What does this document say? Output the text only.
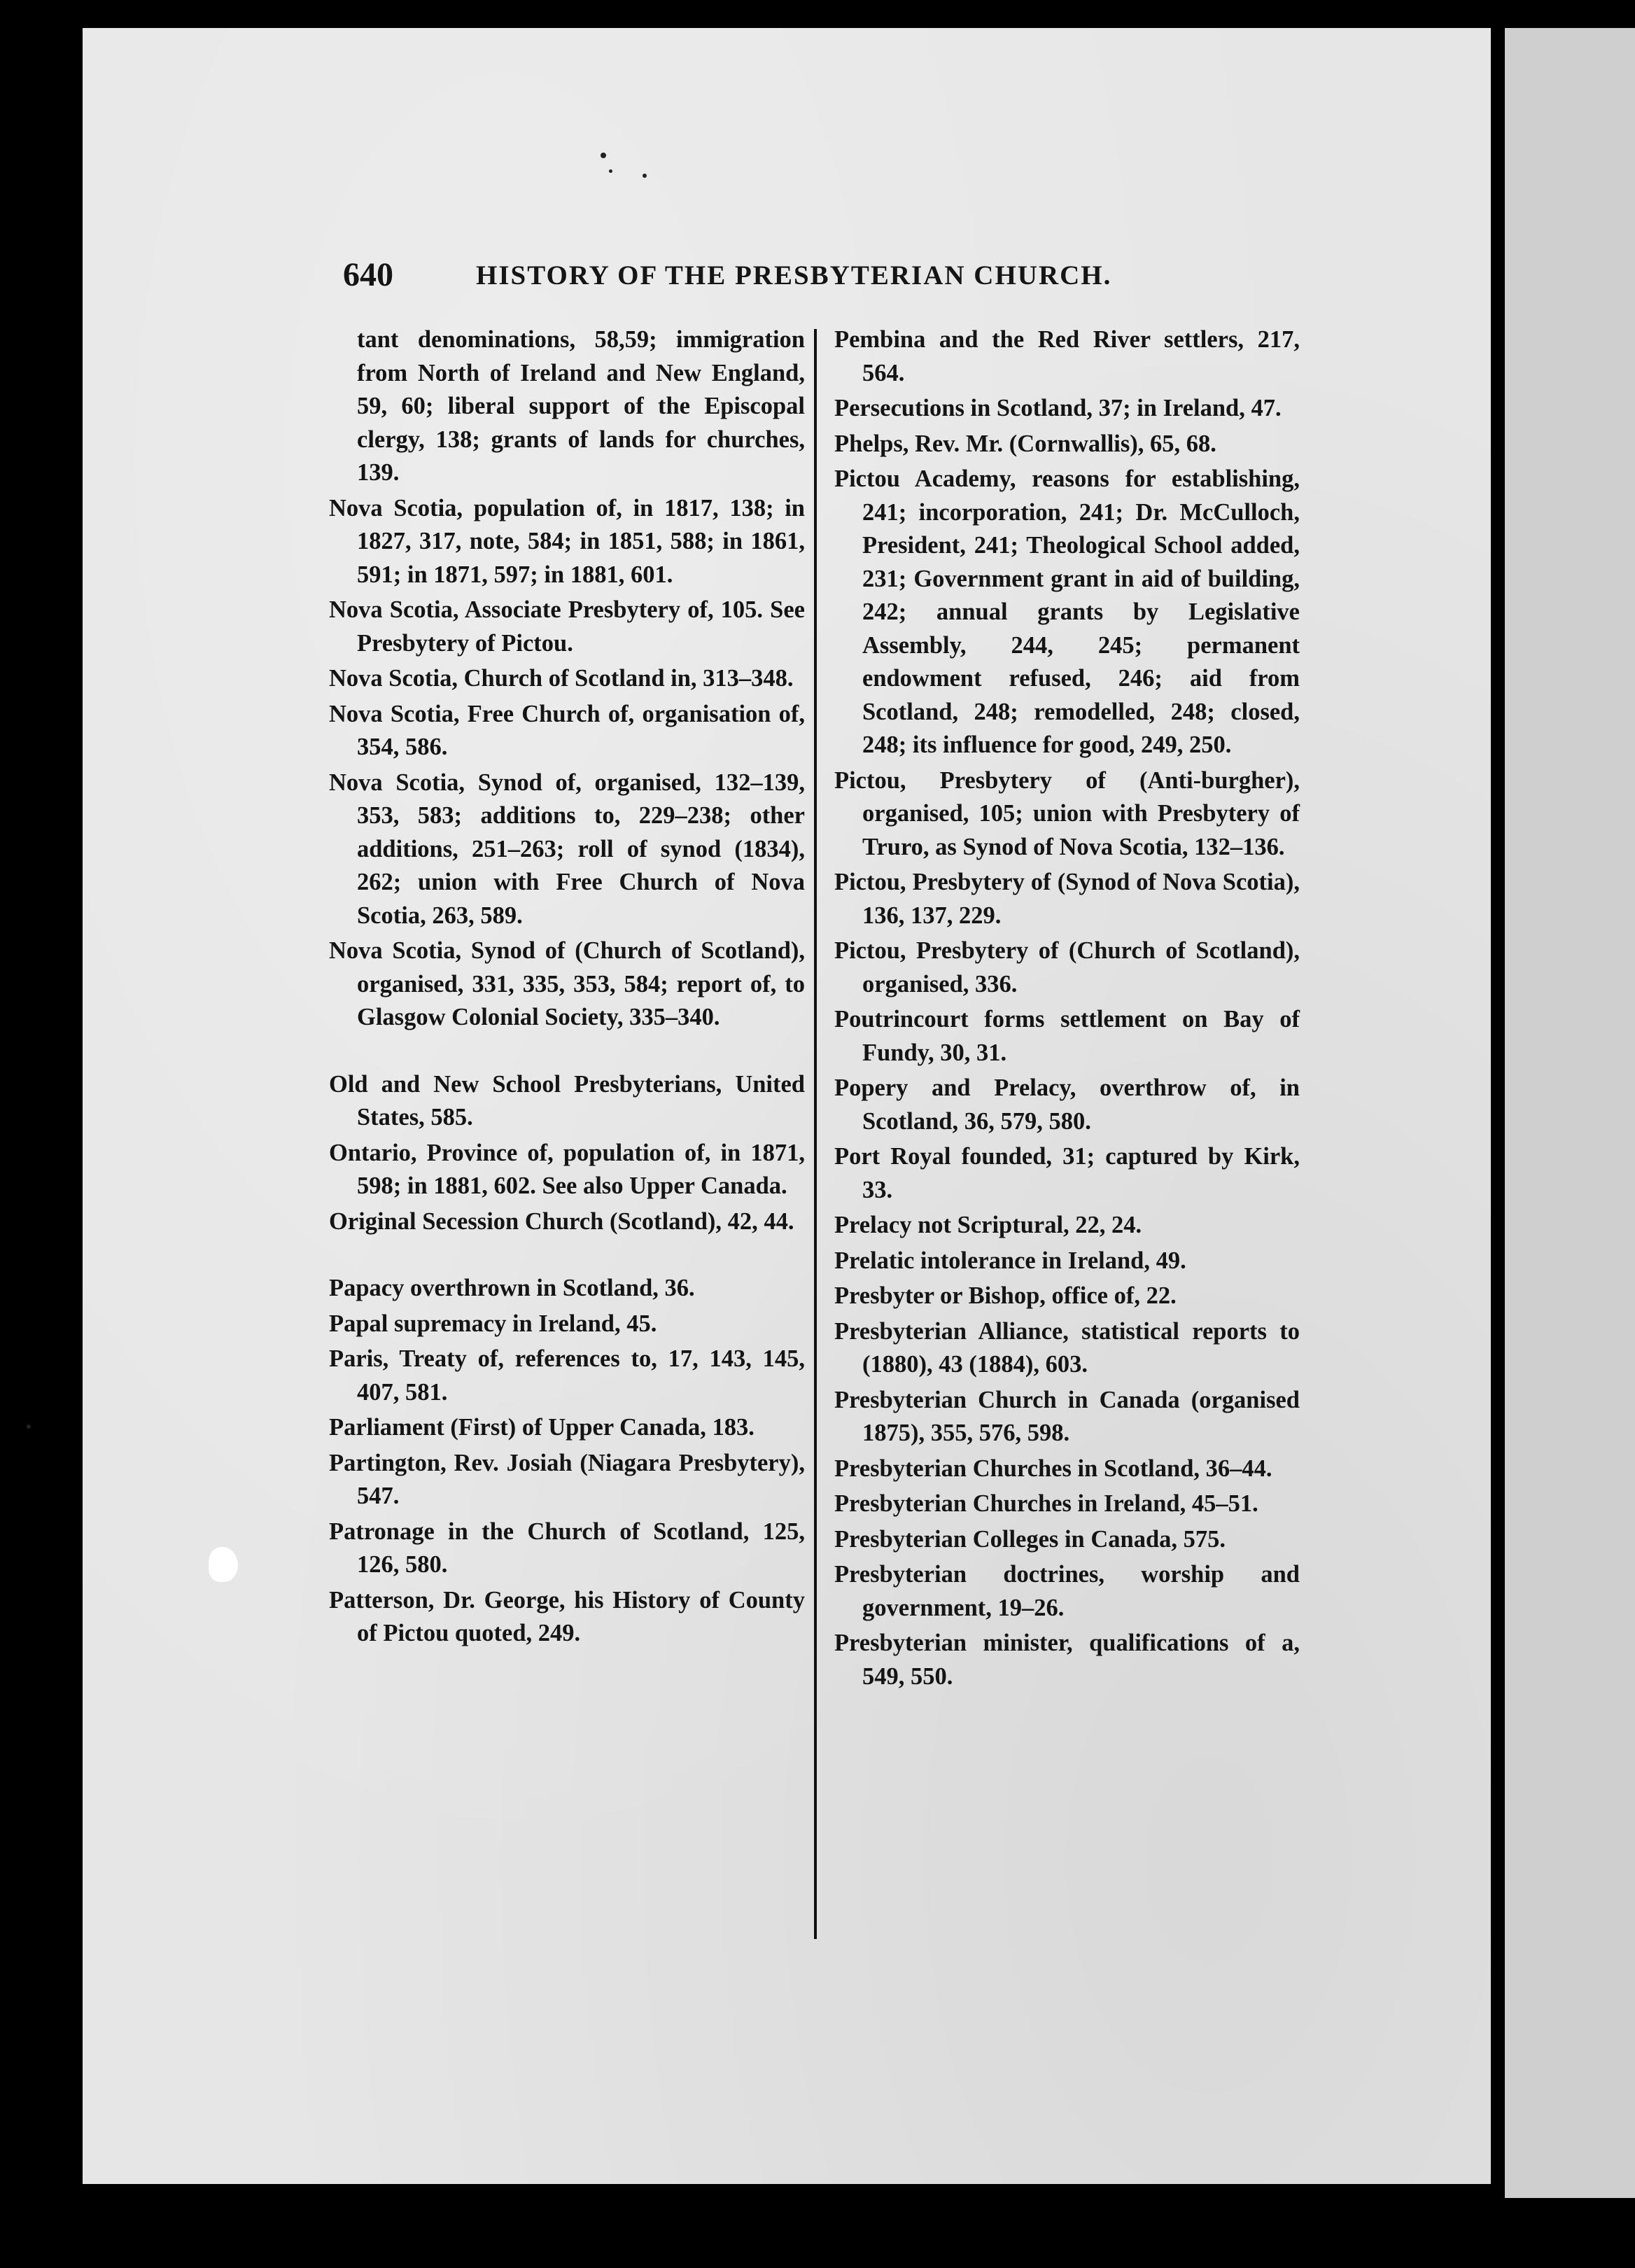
640	HISTORY OF THE PRESBYTERIAN CHURCH.

tant denominations, 58,59; immigration from North of Ireland and New England, 59, 60; liberal support of the Episcopal clergy, 138; grants of lands for churches, 139.

Nova Scotia, population of, in 1817, 138; in 1827, 317, note, 584; in 1851, 588; in 1861, 591; in 1871, 597; in 1881, 601.

Nova Scotia, Associate Presbytery of, 105. See Presbytery of Pictou.

Nova Scotia, Church of Scotland in, 313–348.

Nova Scotia, Free Church of, organisation of, 354, 586.

Nova Scotia, Synod of, organised, 132–139, 353, 583; additions to, 229–238; other additions, 251–263; roll of synod (1834), 262; union with Free Church of Nova Scotia, 263, 589.

Nova Scotia, Synod of (Church of Scotland), organised, 331, 335, 353, 584; report of, to Glasgow Colonial Society, 335–340.

Old and New School Presbyterians, United States, 585.

Ontario, Province of, population of, in 1871, 598; in 1881, 602. See also Upper Canada.

Original Secession Church (Scotland), 42, 44.

Papacy overthrown in Scotland, 36.

Papal supremacy in Ireland, 45.

Paris, Treaty of, references to, 17, 143, 145, 407, 581.

Parliament (First) of Upper Canada, 183.

Partington, Rev. Josiah (Niagara Presbytery), 547.

Patronage in the Church of Scotland, 125, 126, 580.

Patterson, Dr. George, his History of County of Pictou quoted, 249.

Pembina and the Red River settlers, 217, 564.

Persecutions in Scotland, 37; in Ireland, 47.

Phelps, Rev. Mr. (Cornwallis), 65, 68.

Pictou Academy, reasons for establishing, 241; incorporation, 241; Dr. McCulloch, President, 241; Theological School added, 231; Government grant in aid of building, 242; annual grants by Legislative Assembly, 244, 245; permanent endowment refused, 246; aid from Scotland, 248; remodelled, 248; closed, 248; its influence for good, 249, 250.

Pictou, Presbytery of (Anti-burgher), organised, 105; union with Presbytery of Truro, as Synod of Nova Scotia, 132–136.

Pictou, Presbytery of (Synod of Nova Scotia), 136, 137, 229.

Pictou, Presbytery of (Church of Scotland), organised, 336.

Poutrincourt forms settlement on Bay of Fundy, 30, 31.

Popery and Prelacy, overthrow of, in Scotland, 36, 579, 580.

Port Royal founded, 31; captured by Kirk, 33.

Prelacy not Scriptural, 22, 24.

Prelatic intolerance in Ireland, 49.

Presbyter or Bishop, office of, 22.

Presbyterian Alliance, statistical reports to (1880), 43 (1884), 603.

Presbyterian Church in Canada (organised 1875), 355, 576, 598.

Presbyterian Churches in Scotland, 36–44.

Presbyterian Churches in Ireland, 45–51.

Presbyterian Colleges in Canada, 575.

Presbyterian doctrines, worship and government, 19–26.

Presbyterian minister, qualifications of a, 549, 550.
